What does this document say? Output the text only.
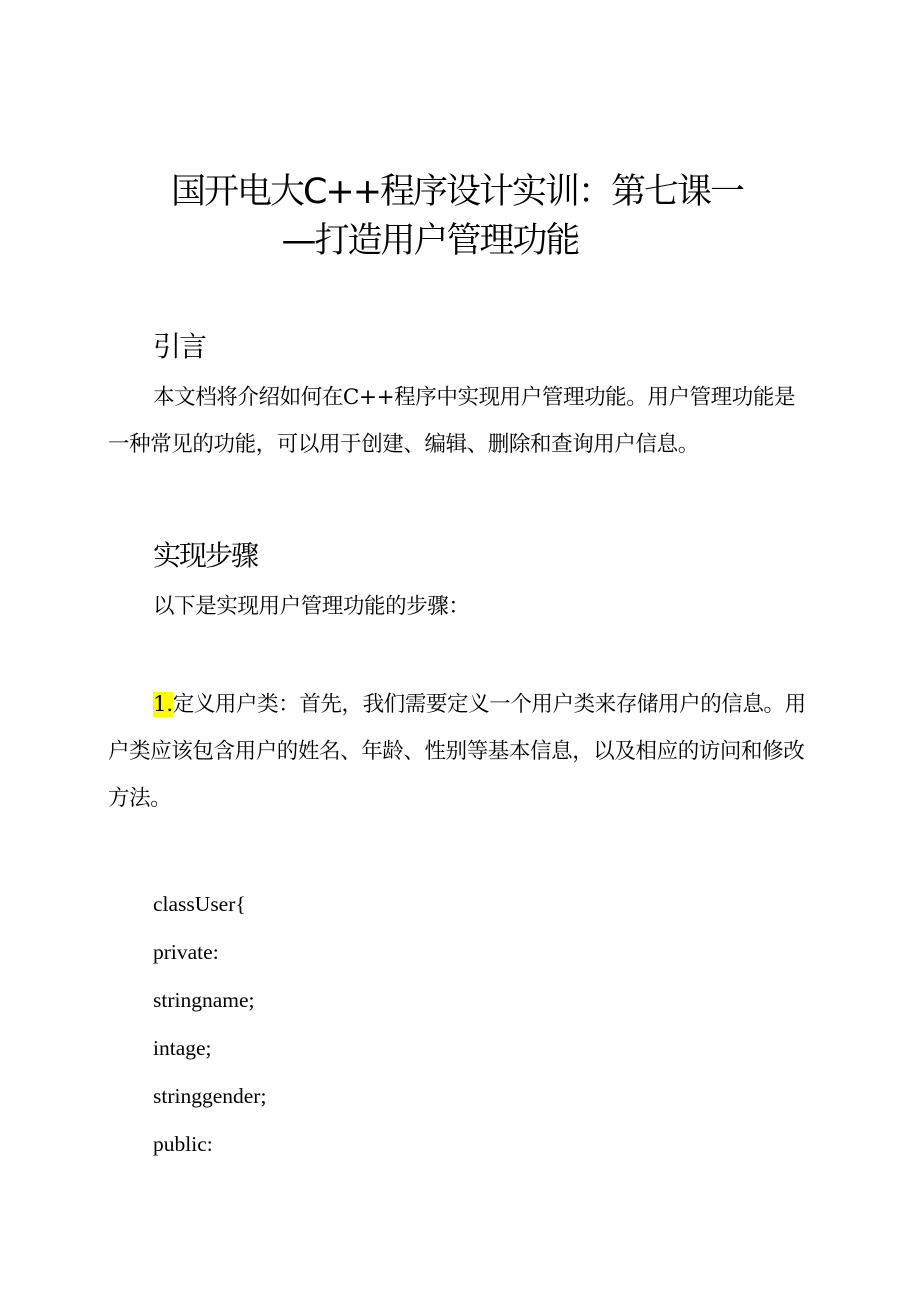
国开电大C++程序设计实训：第七课一
—打造用户管理功能
引言

本文档将介绍如何在C++程序中实现用户管理功能。用户管理功能是一种常见的功能，可以用于创建、编辑、删除和查询用户信息。

实现步骤

以下是实现用户管理功能的步骤：

1.定义用户类：首先，我们需要定义一个用户类来存储用户的信息。用户类应该包含用户的姓名、年龄、性别等基本信息，以及相应的访问和修改方法。

classUser{
private:
stringname;
intage;
stringgender;
public:
